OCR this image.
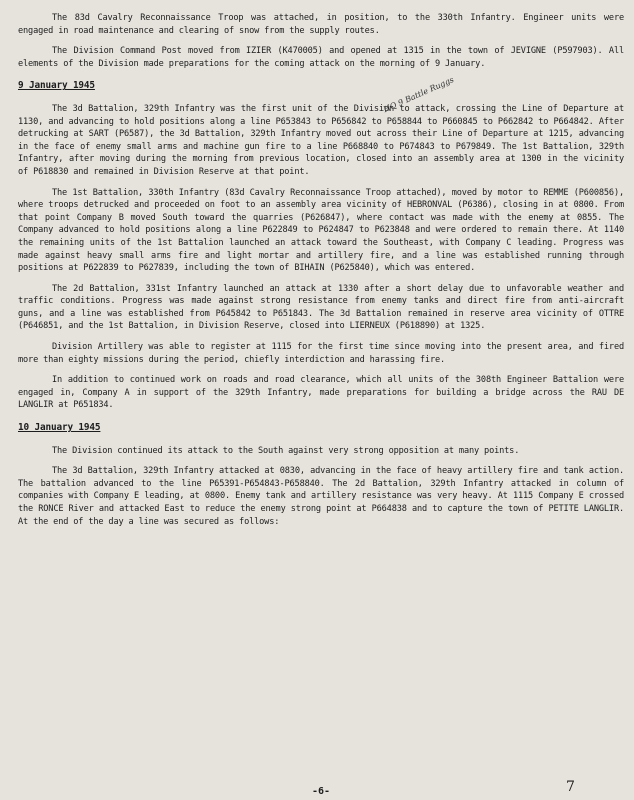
The 83d Cavalry Reconnaissance Troop was attached, in position, to the 330th Infantry. Engineer units were engaged in road maintenance and clearing of snow from the supply routes.

The Division Command Post moved from IZIER (K470005) and opened at 1315 in the town of JEVIGNE (P597903). All elements of the Division made preparations for the coming attack on the morning of 9 January.

9 January 1945

The 3d Battalion, 329th Infantry was the first unit of the Division to attack, crossing the Line of Departure at 1130, and advancing to hold positions along a line P653843 to P656842 to P658844 to P660845 to P662842 to P664842. After detrucking at SART (P6587), the 3d Battalion, 329th Infantry moved out across their Line of Departure at 1215, advancing in the face of enemy small arms and machine gun fire to a line P668840 to P674843 to P679849. The 1st Battalion, 329th Infantry, after moving during the morning from previous location, closed into an assembly area at 1300 in the vicinity of P618830 and remained in Division Reserve at that point.

The 1st Battalion, 330th Infantry (83d Cavalry Reconnaissance Troop attached), moved by motor to REMME (P600856), where troops detrucked and proceeded on foot to an assembly area vicinity of HEBRONVAL (P6386), closing in at 0800. From that point Company B moved South toward the quarries (P626847), where contact was made with the enemy at 0855. The Company advanced to hold positions along a line P622849 to P624847 to P623848 and were ordered to remain there. At 1140 the remaining units of the 1st Battalion launched an attack toward the Southeast, with Company C leading. Progress was made against heavy small arms fire and light mortar and artillery fire, and a line was established running through positions at P622839 to P627839, including the town of BIHAIN (P625840), which was entered.

The 2d Battalion, 331st Infantry launched an attack at 1330 after a short delay due to unfavorable weather and traffic conditions. Progress was made against strong resistance from enemy tanks and direct fire from anti-aircraft guns, and a line was established from P645842 to P651843. The 3d Battalion remained in reserve area vicinity of OTTRE (P646851, and the 1st Battalion, in Division Reserve, closed into LIERNEUX (P618890) at 1325.

Division Artillery was able to register at 1115 for the first time since moving into the present area, and fired more than eighty missions during the period, chiefly interdiction and harassing fire.

In addition to continued work on roads and road clearance, which all units of the 308th Engineer Battalion were engaged in, Company A in support of the 329th Infantry, made preparations for building a bridge across the RAU DE LANGLIR at P651834.

10 January 1945

The Division continued its attack to the South against very strong opposition at many points.

The 3d Battalion, 329th Infantry attacked at 0830, advancing in the face of heavy artillery fire and tank action. The battalion advanced to the line P65391-P654843-P658840. The 2d Battalion, 329th Infantry attacked in column of companies with Company E leading, at 0800. Enemy tank and artillery resistance was very heavy. At 1115 Company E crossed the RONCE River and attacked East to reduce the enemy strong point at P664838 and to capture the town of PETITE LANGLIR. At the end of the day a line was secured as follows:

HQ 9 Battle Ruggs
-6-	7
